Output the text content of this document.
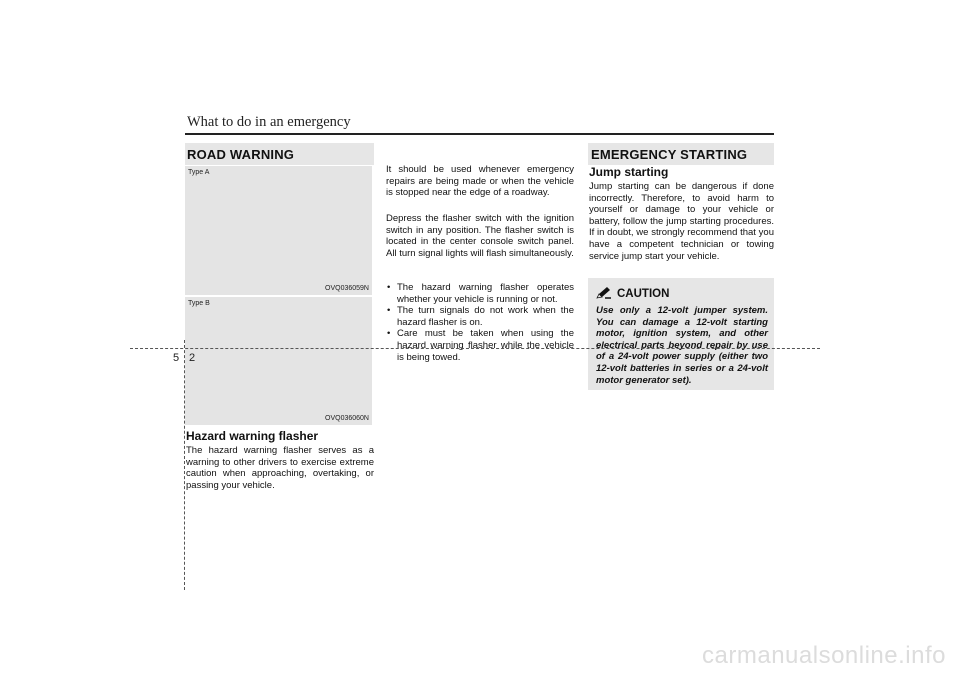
What to do in an emergency
ROAD WARNING
Type A
OVQ036059N
Type B
OVQ036060N
Hazard warning flasher

The hazard warning flasher serves as a warning to other drivers to exercise extreme caution when approaching, overtaking, or passing your vehicle.

It should be used whenever emergency repairs are being made or when the vehicle is stopped near the edge of a roadway.

Depress the flasher switch with the ignition switch in any position. The flasher switch is located in the center console switch panel. All turn signal lights will flash simultaneously.

• The hazard warning flasher operates whether your vehicle is running or not.
• The turn signals do not work when the hazard flasher is on.
• Care must be taken when using the hazard warning flasher while the vehicle is being towed.
EMERGENCY STARTING
Jump starting

Jump starting can be dangerous if done incorrectly. Therefore, to avoid harm to yourself or damage to your vehicle or battery, follow the jump starting procedures. If in doubt, we strongly recommend that you have a competent technician or towing service jump start your vehicle.

CAUTION

Use only a 12-volt jumper system. You can damage a 12-volt starting motor, ignition system, and other electrical parts beyond repair by use of a 24-volt power supply (either two 12-volt batteries in series or a 24-volt motor generator set).

5 2
carmanualsonline.info
